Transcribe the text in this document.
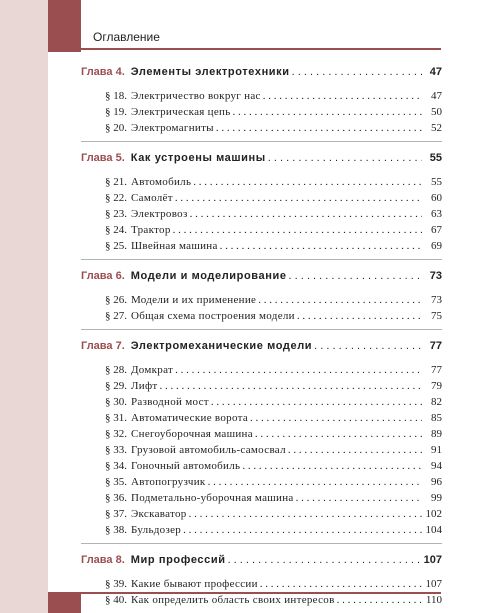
Оглавление
Глава 4. Элементы электротехники . . .	47
§ 18. Электричество вокруг нас . . .	47
§ 19. Электрическая цепь . . .	50
§ 20. Электромагниты . . .	52
Глава 5. Как устроены машины . . .	55
§ 21. Автомобиль . . .	55
§ 22. Самолёт . . .	60
§ 23. Электровоз . . .	63
§ 24. Трактор . . .	67
§ 25. Швейная машина . . .	69
Глава 6. Модели и моделирование . . .	73
§ 26. Модели и их применение . . .	73
§ 27. Общая схема построения модели . . .	75
Глава 7. Электромеханические модели . . .	77
§ 28. Домкрат . . .	77
§ 29. Лифт . . .	79
§ 30. Разводной мост . . .	82
§ 31. Автоматические ворота . . .	85
§ 32. Снегоуборочная машина . . .	89
§ 33. Грузовой автомобиль-самосвал . . .	91
§ 34. Гоночный автомобиль . . .	94
§ 35. Автопогрузчик . . .	96
§ 36. Подметально-уборочная машина . . .	99
§ 37. Экскаватор . . .	102
§ 38. Бульдозер . . .	104
Глава 8. Мир профессий . . .	107
§ 39. Какие бывают профессии . . .	107
§ 40. Как определить область своих интересов . . .	110
